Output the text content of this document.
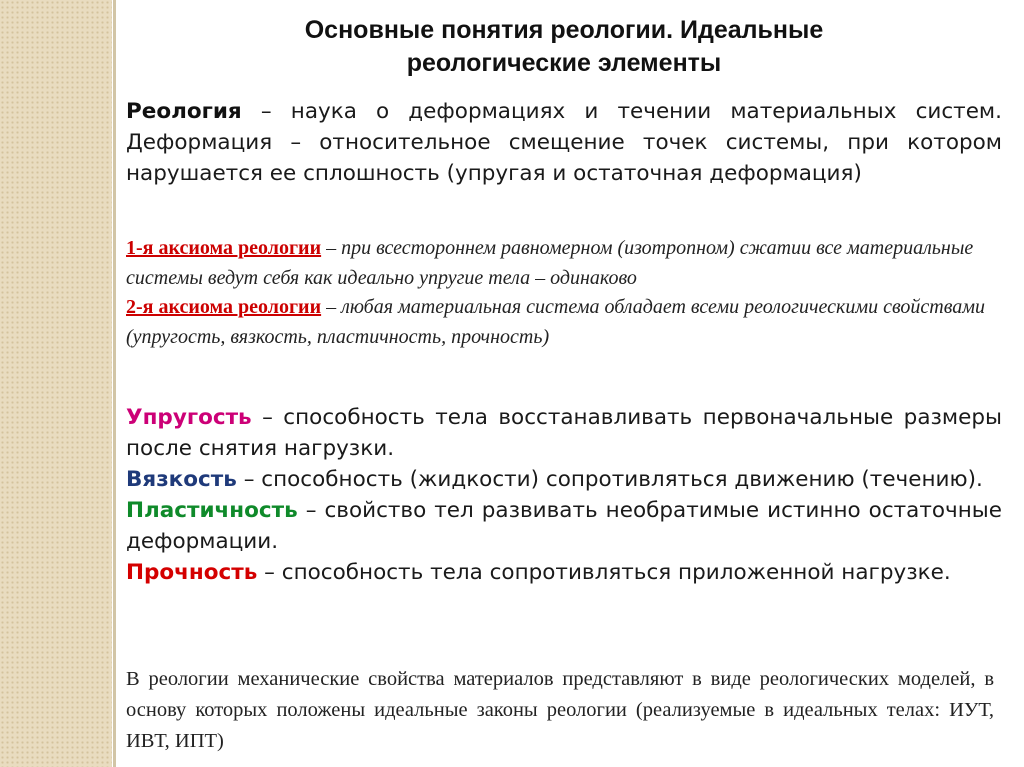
Основные понятия реологии. Идеальные
реологические элементы
Реология – наука о деформациях и течении материальных систем. Деформация – относительное смещение точек системы, при котором нарушается ее сплошность (упругая и остаточная деформация)

1-я аксиома реологии – при всестороннем равномерном (изотропном) сжатии все материальные системы ведут себя как идеально упругие тела – одинаково

2-я аксиома реологии – любая материальная система обладает всеми реологическими свойствами (упругость, вязкость, пластичность, прочность)

Упругость – способность тела восстанавливать первоначальные размеры после снятия нагрузки.

Вязкость – способность (жидкости) сопротивляться движению (течению).

Пластичность – свойство тел развивать необратимые истинно остаточные деформации.

Прочность – способность тела сопротивляться приложенной нагрузке.

В реологии механические свойства материалов представляют в виде реологических моделей, в основу которых положены идеальные законы реологии (реализуемые в идеальных телах: ИУТ, ИВТ, ИПТ)
